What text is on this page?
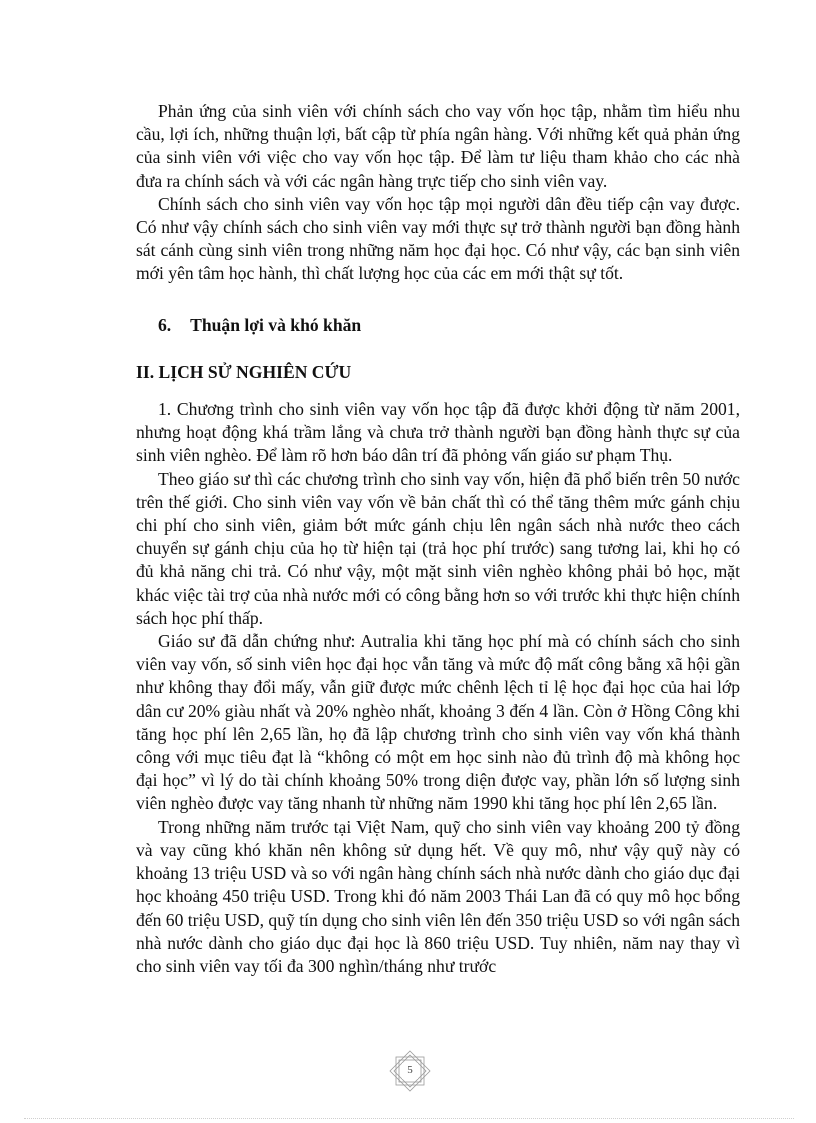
Phản ứng của sinh viên với chính sách cho vay vốn học tập, nhằm tìm hiểu nhu cầu, lợi ích, những thuận lợi, bất cập từ phía ngân hàng. Với những kết quả phản ứng của sinh viên với việc cho vay vốn học tập. Để làm tư liệu tham khảo cho các nhà đưa ra chính sách và với các ngân hàng trực tiếp cho sinh viên vay.

Chính sách cho sinh viên vay vốn học tập mọi người dân đều tiếp cận vay được. Có như vậy chính sách cho sinh viên vay mới thực sự trở thành người bạn đồng hành sát cánh cùng sinh viên trong những năm học đại học. Có như vậy, các bạn sinh viên mới yên tâm học hành, thì chất lượng học của các em mới thật sự tốt.

6. Thuận lợi và khó khăn

II. LỊCH SỬ NGHIÊN CỨU

1. Chương trình cho sinh viên vay vốn học tập đã được khởi động từ năm 2001, nhưng hoạt động khá trầm lắng và chưa trở thành người bạn đồng hành thực sự của sinh viên nghèo. Để làm rõ hơn báo dân trí đã phỏng vấn giáo sư phạm Thụ.

Theo giáo sư thì các chương trình cho sinh vay vốn, hiện đã phổ biến trên 50 nước trên thế giới. Cho sinh viên vay vốn về bản chất thì có thể tăng thêm mức gánh chịu chi phí cho sinh viên, giảm bớt mức gánh chịu lên ngân sách nhà nước theo cách chuyển sự gánh chịu của họ từ hiện tại (trả học phí trước) sang tương lai, khi họ có đủ khả năng chi trả. Có như vậy, một mặt sinh viên nghèo không phải bỏ học, mặt khác việc tài trợ của nhà nước mới có công bằng hơn so với trước khi thực hiện chính sách học phí thấp.

Giáo sư đã dẫn chứng như: Autralia khi tăng học phí mà có chính sách cho sinh viên vay vốn, số sinh viên học đại học vẫn tăng và mức độ mất công bằng xã hội gần như không thay đổi mấy, vẫn giữ được mức chênh lệch tỉ lệ học đại học của hai lớp dân cư 20% giàu nhất và 20% nghèo nhất, khoảng 3 đến 4 lần. Còn ở Hồng Công khi tăng học phí lên 2,65 lần, họ đã lập chương trình cho sinh viên vay vốn khá thành công với mục tiêu đạt là “không có một em học sinh nào đủ trình độ mà không học đại học” vì lý do tài chính khoảng 50% trong diện được vay, phần lớn số lượng sinh viên nghèo được vay tăng nhanh từ những năm 1990 khi tăng học phí lên 2,65 lần.

Trong những năm trước tại Việt Nam, quỹ cho sinh viên vay khoảng 200 tỷ đồng và vay cũng khó khăn nên không sử dụng hết. Về quy mô, như vậy quỹ này có khoảng 13 triệu USD và so với ngân hàng chính sách nhà nước dành cho giáo dục đại học khoảng 450 triệu USD. Trong khi đó năm 2003 Thái Lan đã có quy mô học bổng đến 60 triệu USD, quỹ tín dụng cho sinh viên lên đến 350 triệu USD so với ngân sách nhà nước dành cho giáo dục đại học là 860 triệu USD. Tuy nhiên, năm nay thay vì cho sinh viên vay tối đa 300 nghìn/tháng như trước

5
